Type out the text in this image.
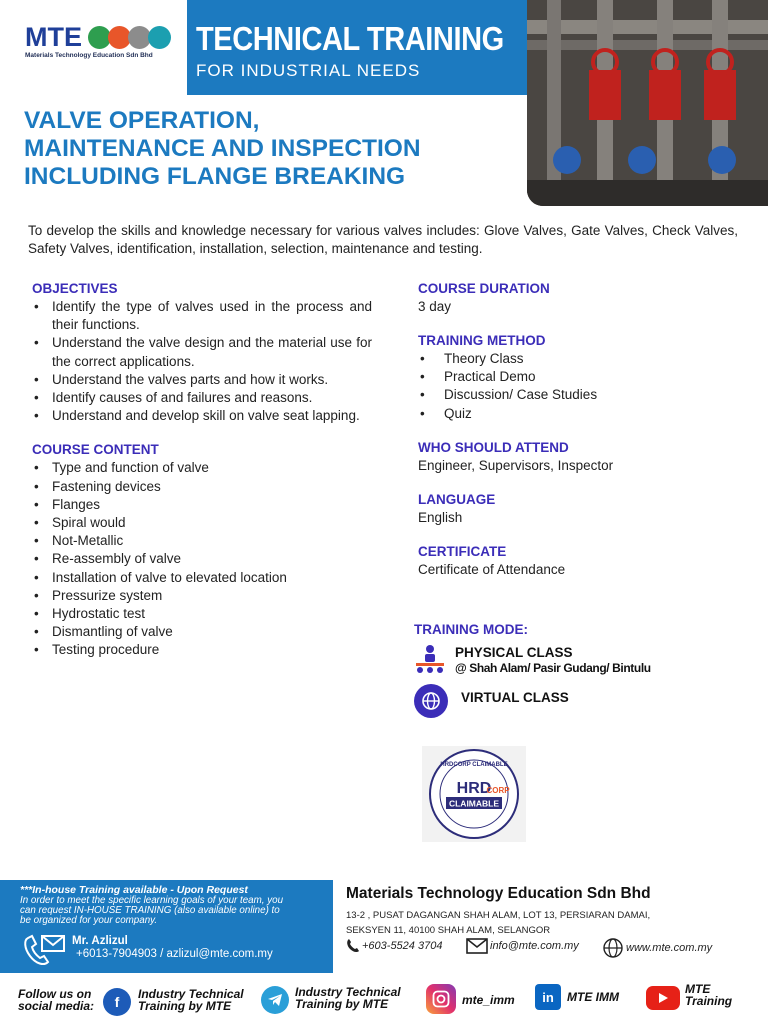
MTE
Materials Technology Education Sdn Bhd TECHNICAL TRAINING
FOR INDUSTRIAL NEEDS
VALVE OPERATION,
MAINTENANCE AND INSPECTION
INCLUDING FLANGE BREAKING
To develop the skills and knowledge necessary for various valves includes: Glove Valves, Gate Valves, Check Valves, Safety Valves, identification, installation, selection, maintenance and testing.
OBJECTIVES
• Identify the type of valves used in the process and their functions.
• Understand the valve design and the material use for the correct applications.
• Understand the valves parts and how it works.
• Identify causes of and failures and reasons.
• Understand and develop skill on valve seat lapping.
COURSE CONTENT
• Type and function of valve
• Fastening devices
• Flanges
• Spiral would
• Not-Metallic
• Re-assembly of valve
• Installation of valve to elevated location
• Pressurize system
• Hydrostatic test
• Dismantling of valve
• Testing procedure
COURSE DURATION
3 day
TRAINING METHOD
• Theory Class
• Practical Demo
• Discussion/ Case Studies
• Quiz
WHO SHOULD ATTEND
Engineer, Supervisors, Inspector
LANGUAGE
English
CERTIFICATE
Certificate of Attendance
TRAINING MODE:
PHYSICAL CLASS
@ Shah Alam/ Pasir Gudang/ Bintulu
VIRTUAL CLASS
HRD
CORP
CLAIMABLE
HRDCORP CLAIMABLE
***In-house Training available - Upon Request
In order to meet the specific learning goals of your team, you can request IN-HOUSE TRAINING (also available online) to be organized for your company.
Mr. Azlizul
+6013-7904903 / azlizul@mte.com.my
Materials Technology Education Sdn Bhd
13-2 , PUSAT DAGANGAN SHAH ALAM, LOT 13, PERSIARAN DAMAI,
SEKSYEN 11, 40100 SHAH ALAM, SELANGOR
+603-5524 3704	info@mte.com.my	www.mte.com.my
Follow us on
social media:	f	Industry Technical
Training by MTE
Industry Technical
Training by MTE	mte_imm	in	MTE IMM
MTE
Training
